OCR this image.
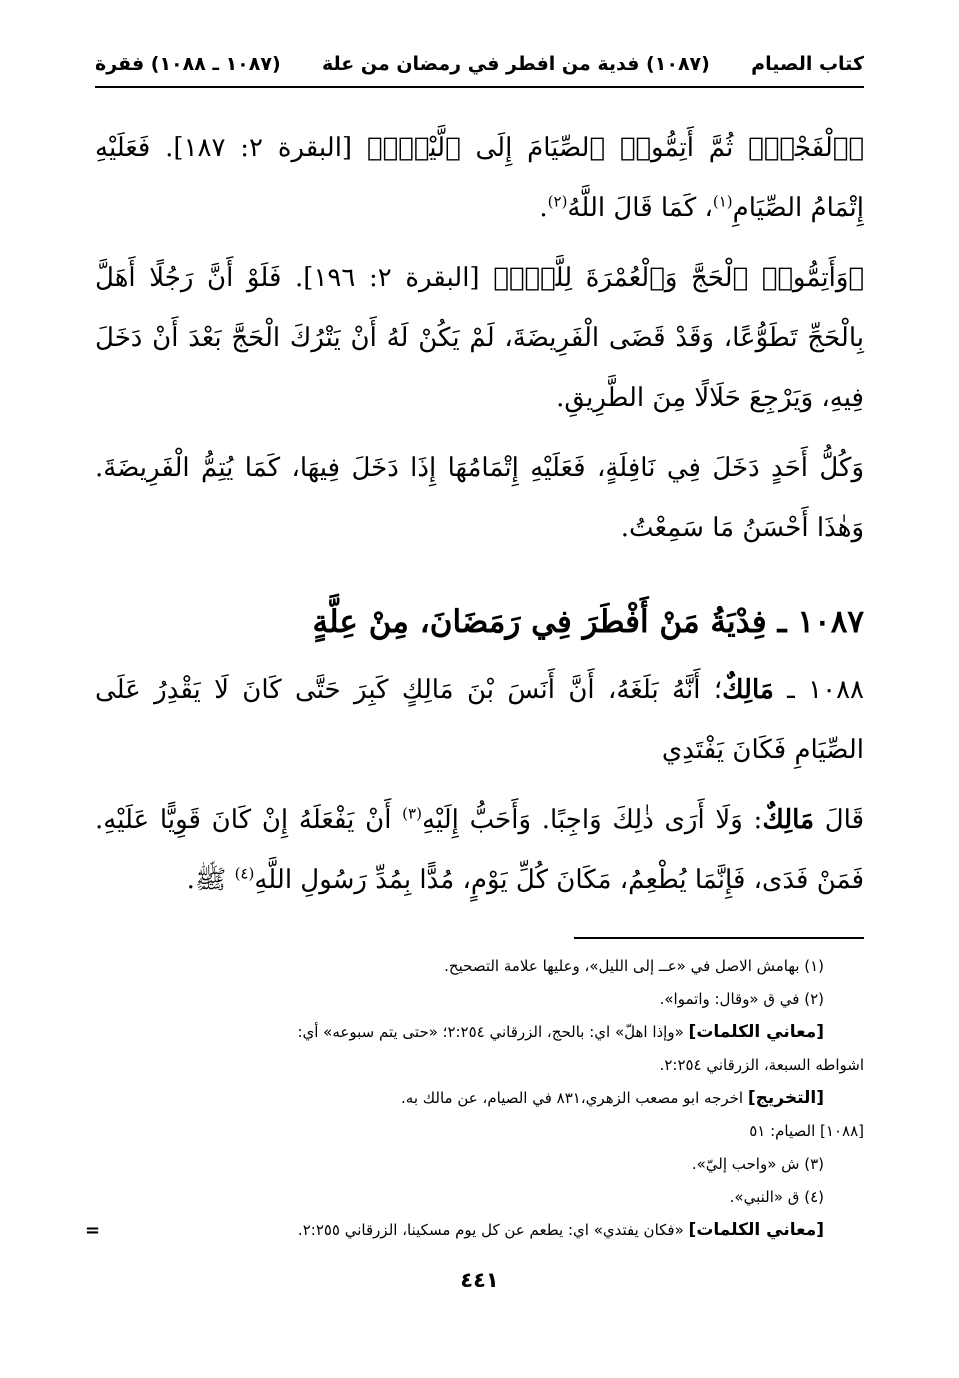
كتاب الصيام
(١٠٨٧) فدية من افطر في رمضان من علة
(١٠٨٧ ـ ١٠٨٨) فقرة

﴿ٱلْفَجْرِۖ ثُمَّ أَتِمُّوا۟ ٱلصِّيَامَ إِلَى ٱلَّيْلِۚ﴾ [البقرة ٢: ١٨٧]. فَعَلَيْهِ إِتْمَامُ الصِّيَامِ$^{(١)}$، كَمَا قَالَ اللَّهُ$^{(٢)}$.

﴿وَأَتِمُّوا۟ ٱلْحَجَّ وَٱلْعُمْرَةَ لِلَّهِۚ﴾ [البقرة ٢: ١٩٦]. فَلَوْ أَنَّ رَجُلًا أَهَلَّ بِالْحَجِّ تَطَوُّعًا، وَقَدْ قَضَى الْفَرِيضَةَ، لَمْ يَكُنْ لَهُ أَنْ يَتْرُكَ الْحَجَّ بَعْدَ أَنْ دَخَلَ فِيهِ، وَيَرْجِعَ حَلَالًا مِنَ الطَّرِيقِ.

وَكُلُّ أَحَدٍ دَخَلَ فِي نَافِلَةٍ، فَعَلَيْهِ إِتْمَامُهَا إِذَا دَخَلَ فِيهَا، كَمَا يُتِمُّ الْفَرِيضَةَ. وَهٰذَا أَحْسَنُ مَا سَمِعْتُ.

١٠٨٧ ـ فِدْيَةُ مَنْ أَفْطَرَ فِي رَمَضَانَ، مِنْ عِلَّةٍ

١٠٨٨ ـ مَالِكٌ؛ أَنَّهُ بَلَغَهُ، أَنَّ أَنَسَ بْنَ مَالِكٍ كَبِرَ حَتَّى كَانَ لَا يَقْدِرُ عَلَى الصِّيَامِ فَكَانَ يَفْتَدِي

قَالَ مَالِكٌ: وَلَا أَرَى ذٰلِكَ وَاجِبًا. وَأَحَبُّ إِلَيْهِ$^{(٣)}$ أَنْ يَفْعَلَهُ إِنْ كَانَ قَوِيًّا عَلَيْهِ. فَمَنْ فَدَى، فَإِنَّمَا يُطْعِمُ، مَكَانَ كُلِّ يَوْمٍ، مُدًّا بِمُدِّ رَسُولِ اللَّهِ$^{(٤)}$ ﷺ.

(١) بهامش الاصل في «عــ إلى الليل»، وعليها علامة التصحيح.

(٢) في ق «وقال: واتموا».

[معاني الكلمات] «وإذا اهلّ» اي: بالحج، الزرقاني ٢:٢٥٤؛ «حتى يتم سبوعه» أي:

اشواطه السبعة، الزرقاني ٢:٢٥٤.

[التخريج] اخرجه ابو مصعب الزهري،٨٣١ في الصيام، عن مالك به.

[١٠٨٨] الصيام: ٥١

(٣) ش «واحب إليّ».

(٤) ق «النبي».

[معاني الكلمات] «فكان يفتدي» اي: يطعم عن كل يوم مسكينا، الزرقاني ٢:٢٥٥.
=

٤٤١
